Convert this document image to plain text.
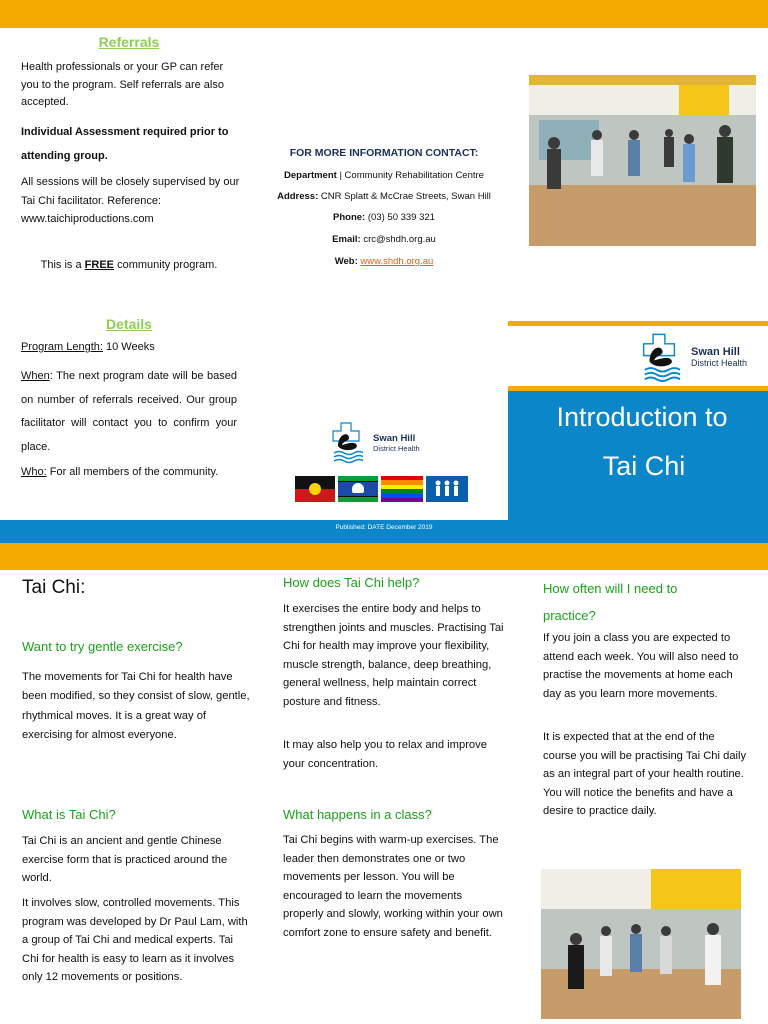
Referrals

Health professionals or your GP can refer you to the program. Self referrals are also accepted.

Individual Assessment required prior to attending group.

All sessions will be closely supervised by our Tai Chi facilitator. Reference: www.taichiproductions.com

This is a FREE community program.

Details

Program Length: 10 Weeks

When: The next program date will be based on number of referrals received. Our group facilitator will contact you to confirm your place.

Who: For all members of the community.

FOR MORE INFORMATION CONTACT:
Department | Community Rehabilitation Centre
Address: CNR Splatt & McCrae Streets, Swan Hill
Phone: (03) 50 339 321
Email: crc@shdh.org.au
Web: www.shdh.org.au
Swan Hill
District Health
Swan Hill
District Health
Introduction to
Tai Chi
Published: DATE December 2019
Tai Chi:
Want to try gentle exercise?

The movements for Tai Chi for health have been modified, so they consist of slow, gentle, rhythmical moves. It is a great way of exercising for almost everyone.

What is Tai Chi?

Tai Chi is an ancient and gentle Chinese exercise form that is practiced around the world.

It involves slow, controlled movements. This program was developed by Dr Paul Lam, with a group of Tai Chi and medical experts. Tai Chi for health is easy to learn as it involves only 12 movements or positions.

How does Tai Chi help?

It exercises the entire body and helps to strengthen joints and muscles. Practising Tai Chi for health may improve your flexibility, muscle strength, balance, deep breathing, general wellness, help maintain correct posture and fitness.

It may also help you to relax and improve your concentration.

What happens in a class?

Tai Chi begins with warm-up exercises. The leader then demonstrates one or two movements per lesson. You will be encouraged to learn the movements properly and slowly, working within your own comfort zone to ensure safety and benefit.

How often will I need to practice?

If you join a class you are expected to attend each week. You will also need to practise the movements at home each day as you learn more movements.

It is expected that at the end of the course you will be practising Tai Chi daily as an integral part of your health routine. You will notice the benefits and have a desire to practice daily.
